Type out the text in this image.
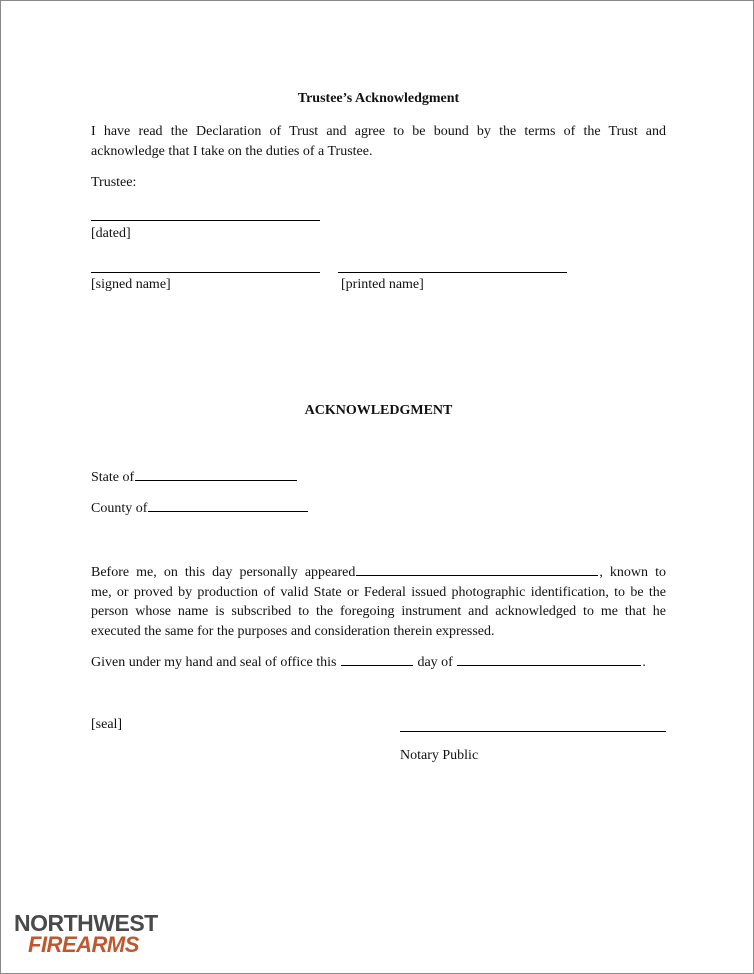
Trustee’s Acknowledgment
I have read the Declaration of Trust and agree to be bound by the terms of the Trust and
acknowledge that I take on the duties of a Trustee.
Trustee:
[dated]
[signed name]	[printed name]
ACKNOWLEDGMENT
State of
County of
Before me, on this day personally appeared	, known to
me, or proved by production of valid State or Federal issued photographic identification, to be the
person whose name is subscribed to the foregoing instrument and acknowledged to me that he
executed the same for the purposes and consideration therein expressed.
Given under my hand and seal of office this	day of	.
[seal]
Notary Public
NORTHWEST
FIREARMS
